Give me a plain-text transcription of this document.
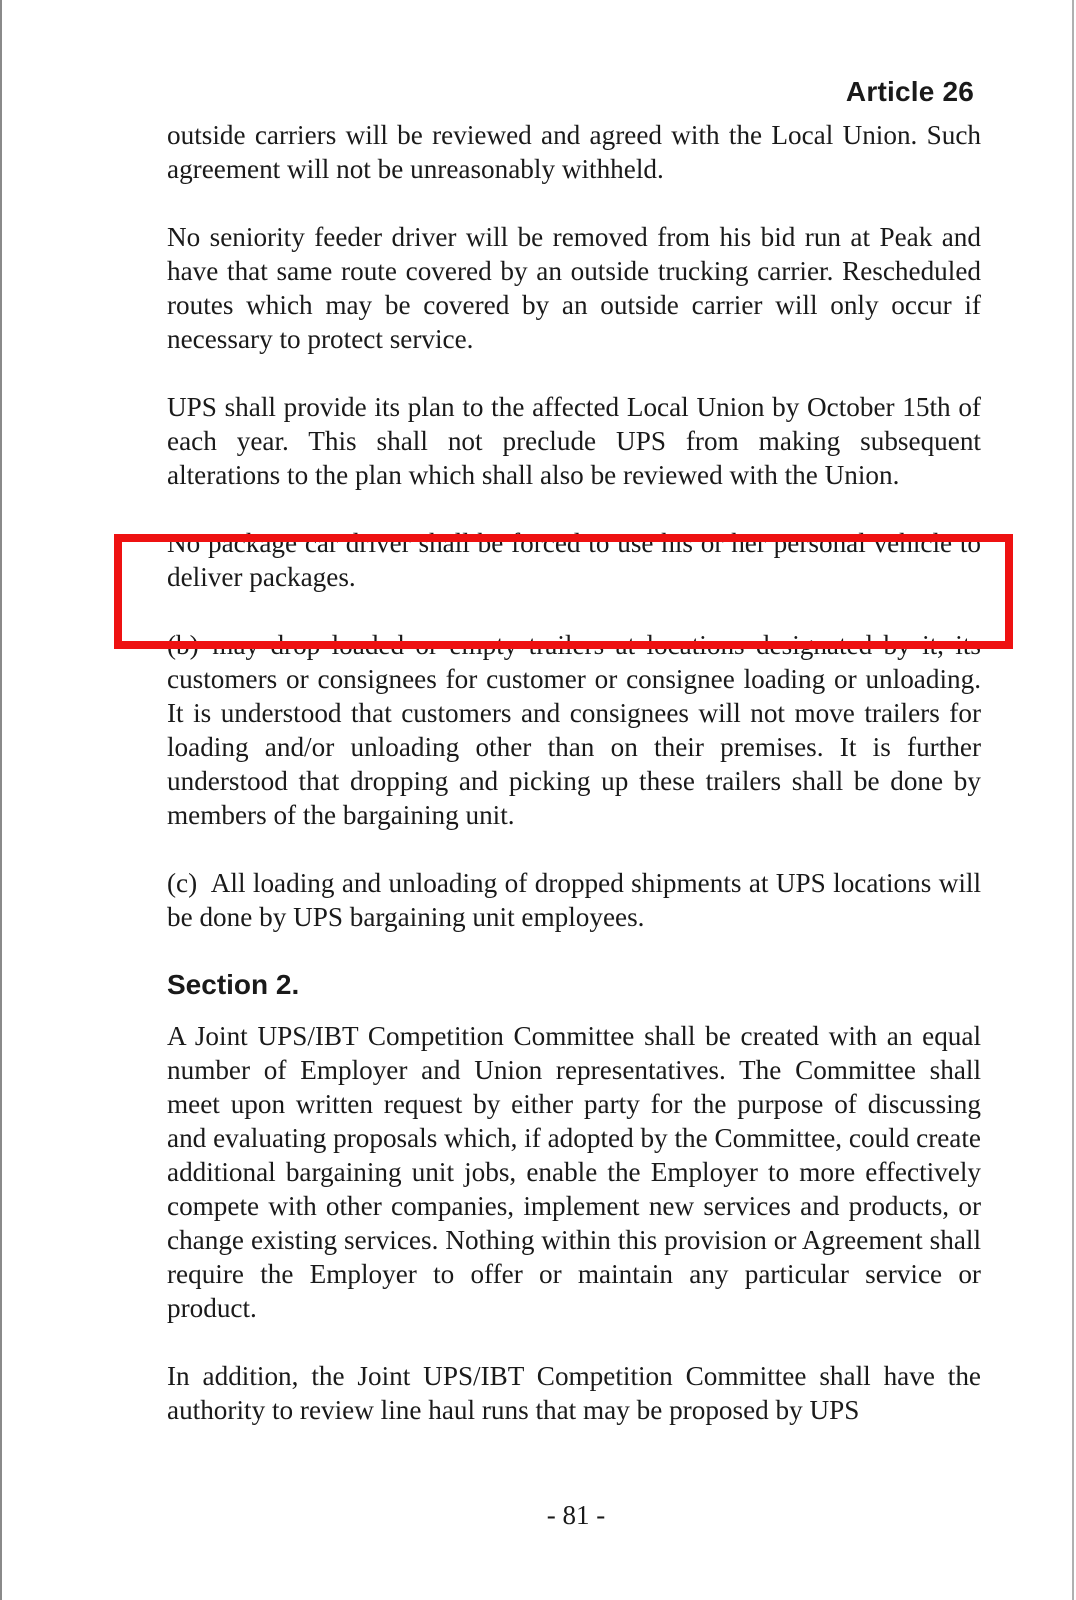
Article 26

outside carriers will be reviewed and agreed with the Local Union. Such agreement will not be unreasonably withheld.

No seniority feeder driver will be removed from his bid run at Peak and have that same route covered by an outside trucking carrier. Rescheduled routes which may be covered by an outside carrier will only occur if necessary to protect service.

UPS shall provide its plan to the affected Local Union by October 15th of each year. This shall not preclude UPS from making subsequent alterations to the plan which shall also be reviewed with the Union.

No package car driver shall be forced to use his or her personal vehicle to deliver packages.

(b) may drop loaded or empty trailers at locations designated by it, its customers or consignees for customer or consignee loading or unloading. It is understood that customers and consignees will not move trailers for loading and/or unloading other than on their premises. It is further understood that dropping and picking up these trailers shall be done by members of the bargaining unit.

(c) All loading and unloading of dropped shipments at UPS locations will be done by UPS bargaining unit employees.

Section 2.

A Joint UPS/IBT Competition Committee shall be created with an equal number of Employer and Union representatives. The Committee shall meet upon written request by either party for the purpose of discussing and evaluating proposals which, if adopted by the Committee, could create additional bargaining unit jobs, enable the Employer to more effectively compete with other companies, implement new services and products, or change existing services. Nothing within this provision or Agreement shall require the Employer to offer or maintain any particular service or product.

In addition, the Joint UPS/IBT Competition Committee shall have the authority to review line haul runs that may be proposed by UPS

- 81 -
